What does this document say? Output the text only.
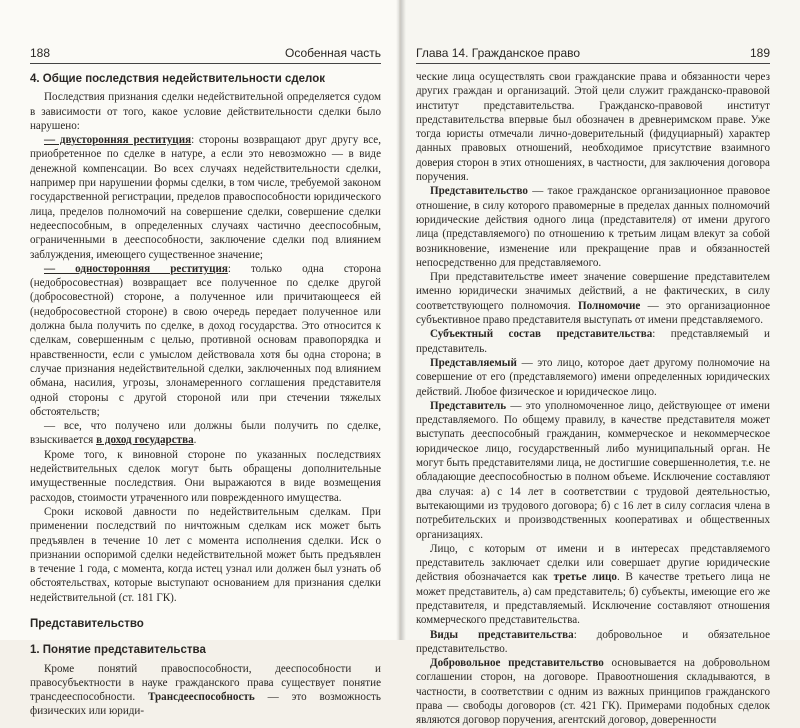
188	Особенная часть
4. Общие последствия недействительности сделок

Последствия признания сделки недействительной определяется судом в зависимости от того, какое условие действительности сделки было нарушено:

— двусторонняя реституция: стороны возвращают друг другу все, приобретенное по сделке в натуре, а если это невозможно — в виде денежной компенсации. Во всех случаях недействительности сделки, например при нарушении формы сделки, в том числе, требуемой законом государственной регистрации, пределов правоспособности юридического лица, пределов полномочий на совершение сделки, совершение сделки недееспособным, в определенных случаях частично дееспособным, ограниченными в дееспособности, заключение сделки под влиянием заблуждения, имеющего существенное значение;

— односторонняя реституция: только одна сторона (недобросовестная) возвращает все полученное по сделке другой (добросовестной) стороне, а полученное или причитающееся ей (недобросовестной стороне) в свою очередь передает полученное или должна была получить по сделке, в доход государства. Это относится к сделкам, совершенным с целью, противной основам правопорядка и нравственности, если с умыслом действовала хотя бы одна сторона; в случае признания недействительной сделки, заключенных под влиянием обмана, насилия, угрозы, злонамеренного соглашения представителя одной стороны с другой стороной или при стечении тяжелых обстоятельств;

— все, что получено или должны были получить по сделке, взыскивается в доход государства.

Кроме того, к виновной стороне по указанных последствиях недействительных сделок могут быть обращены дополнительные имущественные последствия. Они выражаются в виде возмещения расходов, стоимости утраченного или поврежденного имущества.

Сроки исковой давности по недействительным сделкам. При применении последствий по ничтожным сделкам иск может быть предъявлен в течение 10 лет с момента исполнения сделки. Иск о признании оспоримой сделки недействительной может быть предъявлен в течение 1 года, с момента, когда истец узнал или должен был узнать об обстоятельствах, которые выступают основанием для признания сделки недействительной (ст. 181 ГК).

Представительство
1. Понятие представительства

Кроме понятий правоспособности, дееспособности и правосубъектности в науке гражданского права существует понятие трансдееспособности. Трансдееспособность — это возможность физических или юриди-

Глава 14. Гражданское право	189

ческие лица осуществлять свои гражданские права и обязанности через других граждан и организаций. Этой цели служит гражданско-правовой институт представительства. Гражданско-правовой институт представительства впервые был обозначен в древнеримском праве. Уже тогда юристы отмечали лично-доверительный (фидуциарный) характер данных правовых отношений, необходимое присутствие взаимного доверия сторон в этих отношениях, в частности, для заключения договора поручения.

Представительство — такое гражданское организационное правовое отношение, в силу которого правомерные в пределах данных полномочий юридические действия одного лица (представителя) от имени другого лица (представляемого) по отношению к третьим лицам влекут за собой возникновение, изменение или прекращение прав и обязанностей непосредственно для представляемого.

При представительстве имеет значение совершение представителем именно юридически значимых действий, а не фактических, в силу соответствующего полномочия. Полномочие — это организационное субъективное право представителя выступать от имени представляемого.

Субъектный состав представительства: представляемый и представитель.

Представляемый — это лицо, которое дает другому полномочие на совершение от его (представляемого) имени определенных юридических действий. Любое физическое и юридическое лицо.

Представитель — это уполномоченное лицо, действующее от имени представляемого. По общему правилу, в качестве представителя может выступать дееспособный гражданин, коммерческое и некоммерческое юридическое лицо, государственный либо муниципальный орган. Не могут быть представителями лица, не достигшие совершеннолетия, т.е. не обладающие дееспособностью в полном объеме. Исключение составляют два случая: а) с 14 лет в соответствии с трудовой деятельностью, вытекающими из трудового договора; б) с 16 лет в силу согласия члена в потребительских и производственных кооперативах и общественных организациях.

Лицо, с которым от имени и в интересах представляемого представитель заключает сделки или совершает другие юридические действия обозначается как третье лицо. В качестве третьего лица не может представитель, а) сам представитель; б) субъекты, имеющие его же представителя, и представляемый. Исключение составляют отношения коммерческого представительства.

Виды представительства: добровольное и обязательное представительство.

Добровольное представительство основывается на добровольном соглашении сторон, на договоре. Правоотношения складываются, в частности, в соответствии с одним из важных принципов гражданского права — свободы договоров (ст. 421 ГК). Примерами подобных сделок являются договор поручения, агентский договор, доверенности
